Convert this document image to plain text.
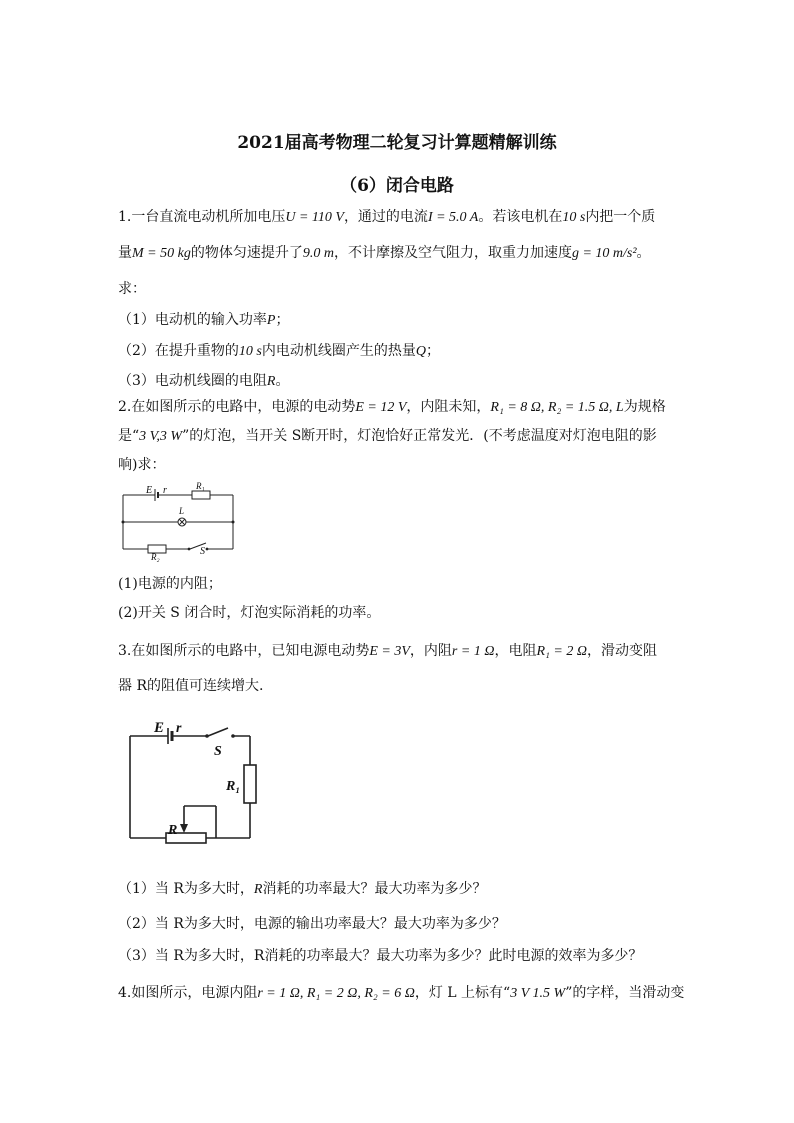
2021届高考物理二轮复习计算题精解训练
（6）闭合电路
1.一台直流电动机所加电压U = 110 V，通过的电流I = 5.0 A。若该电机在10 s内把一个质
量M = 50 kg的物体匀速提升了9.0 m，不计摩擦及空气阻力，取重力加速度g = 10 m/s²。
求：
（1）电动机的输入功率P；
（2）在提升重物的10 s内电动机线圈产生的热量Q；
（3）电动机线圈的电阻R。
2.在如图所示的电路中，电源的电动势E = 12 V，内阻未知，R₁ = 8 Ω, R₂ = 1.5 Ω, L为规格
是“3 V,3 W”的灯泡，当开关 S断开时，灯泡恰好正常发光．(不考虑温度对灯泡电阻的影
响)求：
E r	R₁
L
R₂	S
(1)电源的内阻；
(2)开关 S 闭合时，灯泡实际消耗的功率。
3.在如图所示的电路中，已知电源电动势E = 3V，内阻r = 1 Ω，电阻R₁ = 2 Ω，滑动变阻
器 R的阻值可连续增大.
E r
S
R₁
R
（1）当 R为多大时，R消耗的功率最大？最大功率为多少？
（2）当 R为多大时，电源的输出功率最大？最大功率为多少？
（3）当 R为多大时，R消耗的功率最大？最大功率为多少？此时电源的效率为多少？
4.如图所示，电源内阻r = 1 Ω, R₁ = 2 Ω, R₂ = 6 Ω，灯 L 上标有“3 V 1.5 W”的字样，当滑动变
